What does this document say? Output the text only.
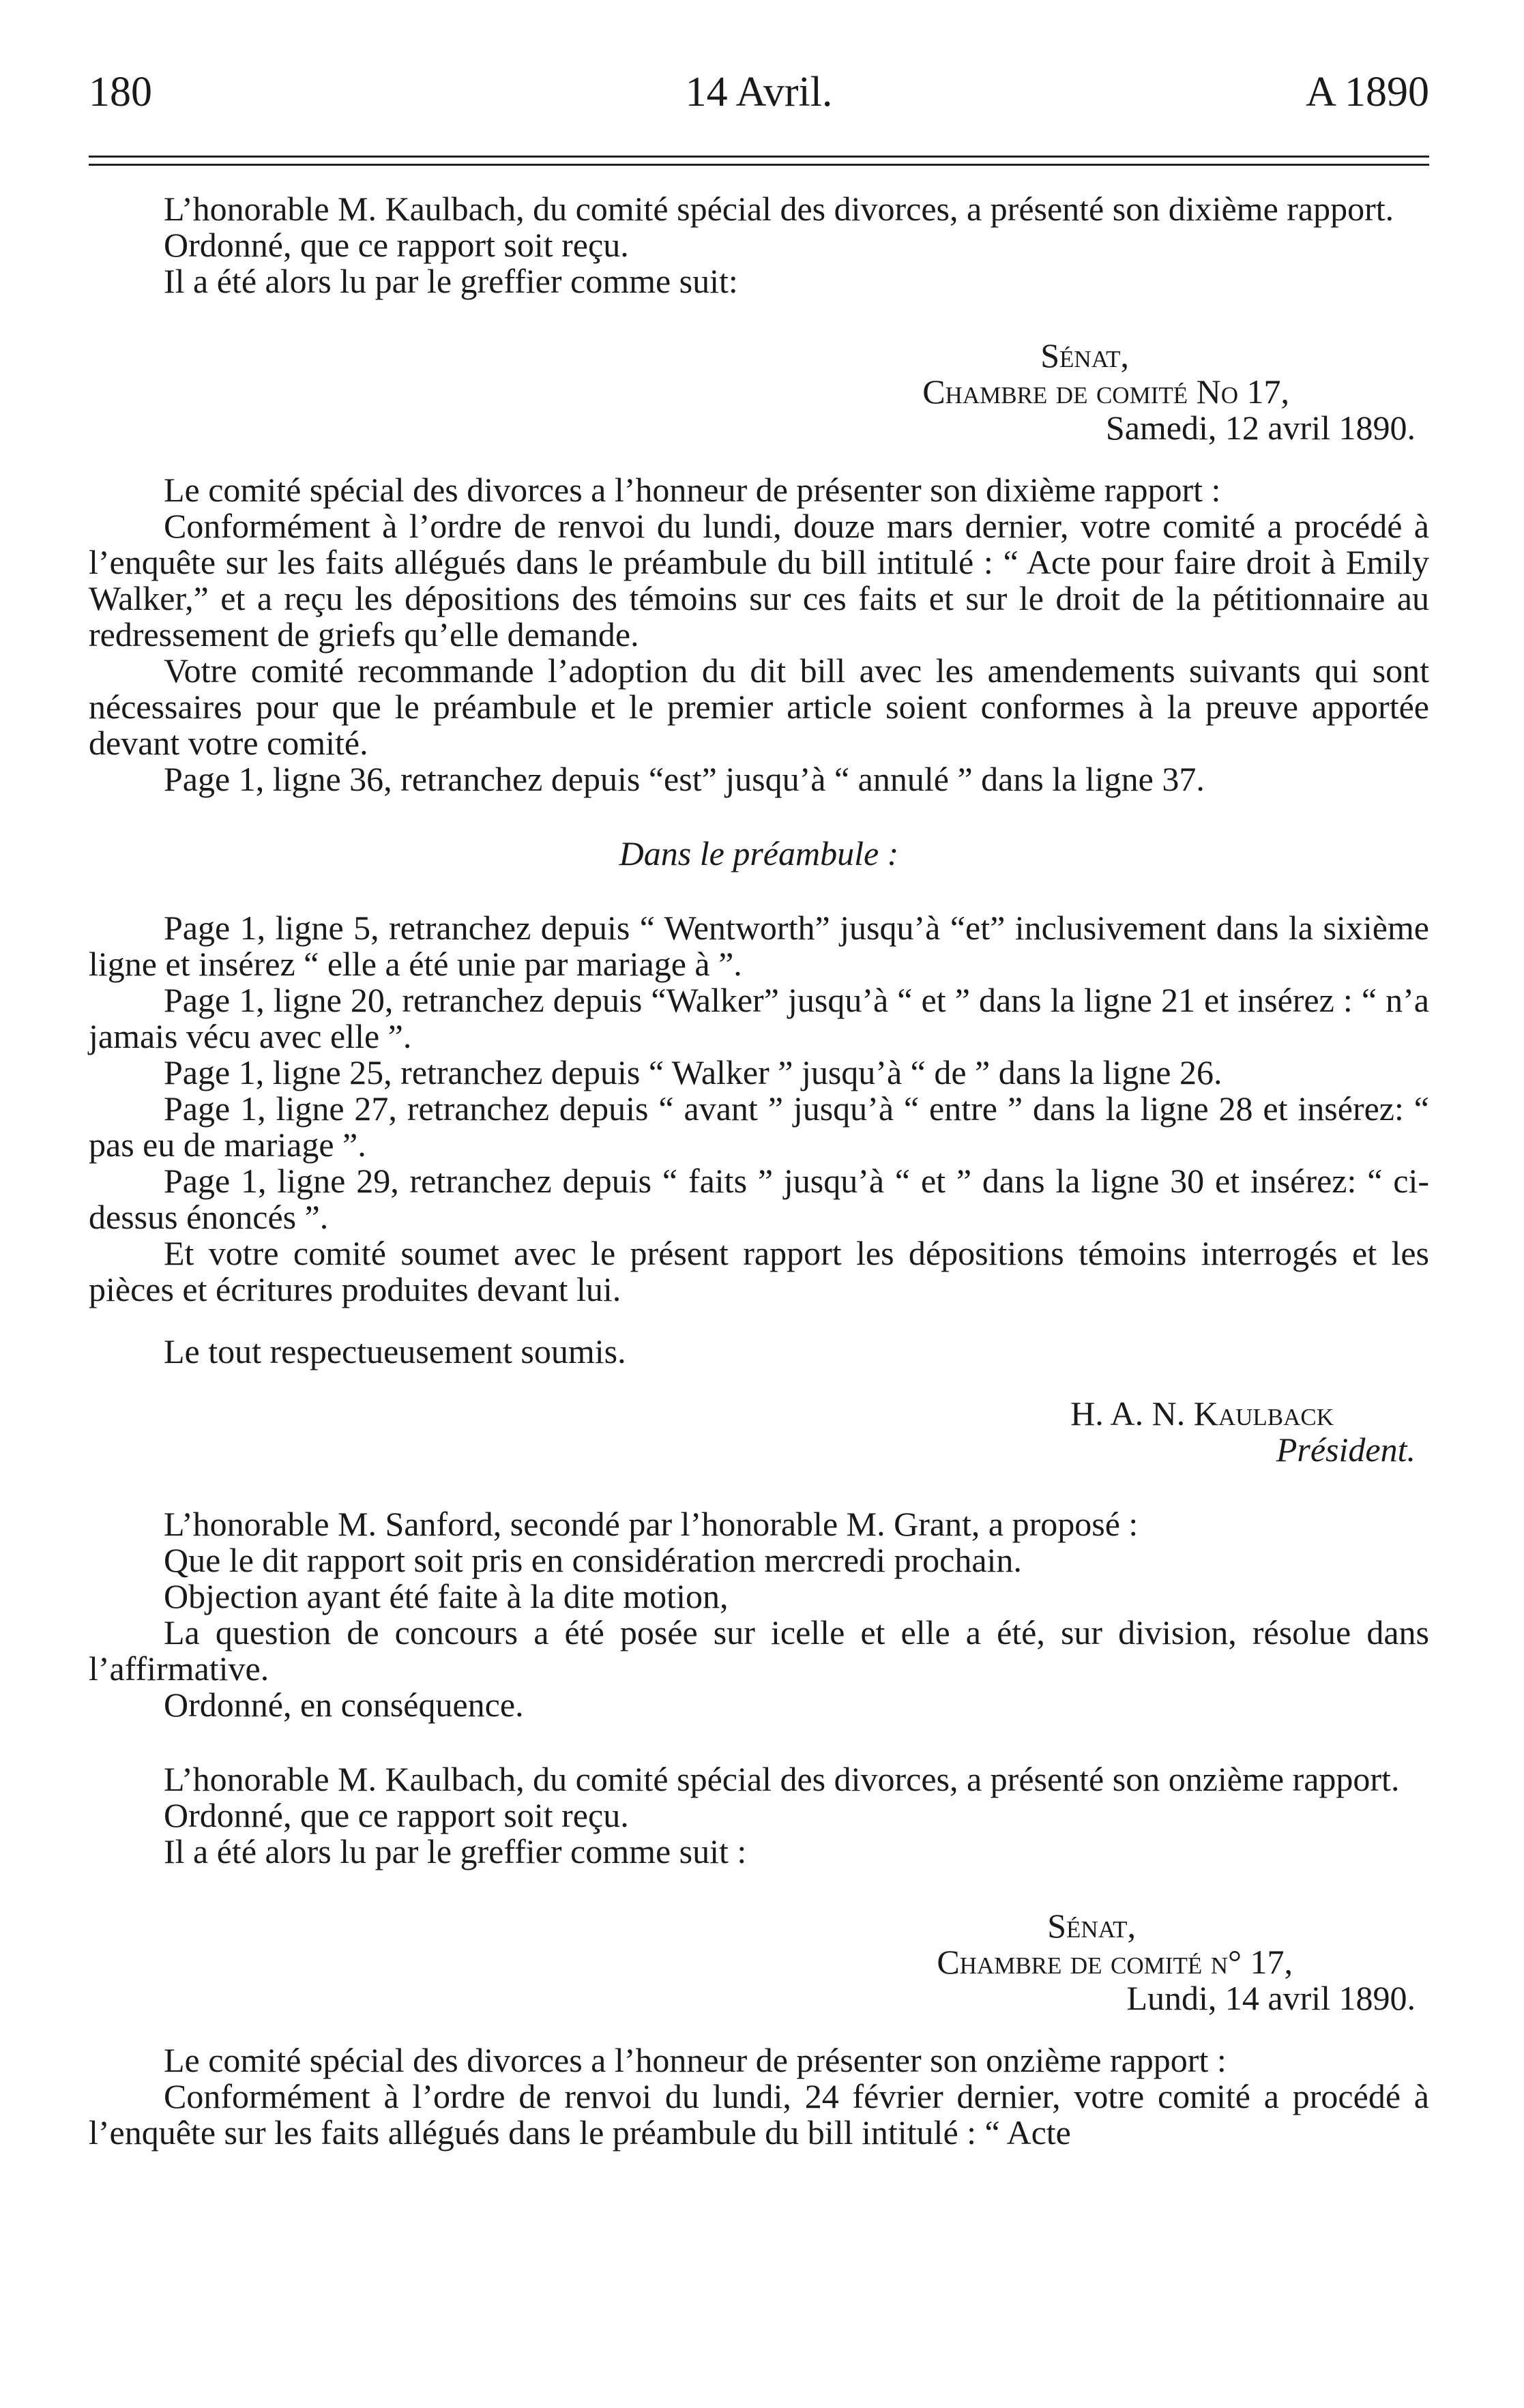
180	14 Avril.	A 1890

L’honorable M. Kaulbach, du comité spécial des divorces, a présenté son dixième rapport.

Ordonné, que ce rapport soit reçu.

Il a été alors lu par le greffier comme suit:

Sénat,

Chambre de comité No 17,

Samedi, 12 avril 1890.

Le comité spécial des divorces a l’honneur de présenter son dixième rapport :

Conformément à l’ordre de renvoi du lundi, douze mars dernier, votre comité a procédé à l’enquête sur les faits allégués dans le préambule du bill intitulé : “ Acte pour faire droit à Emily Walker,” et a reçu les dépositions des témoins sur ces faits et sur le droit de la pétitionnaire au redressement de griefs qu’elle demande.

Votre comité recommande l’adoption du dit bill avec les amendements suivants qui sont nécessaires pour que le préambule et le premier article soient conformes à la preuve apportée devant votre comité.

Page 1, ligne 36, retranchez depuis “est” jusqu’à “ annulé ” dans la ligne 37.

Dans le préambule :

Page 1, ligne 5, retranchez depuis “ Wentworth” jusqu’à “et” inclusivement dans la sixième ligne et insérez “ elle a été unie par mariage à ”.

Page 1, ligne 20, retranchez depuis “Walker” jusqu’à “ et ” dans la ligne 21 et insérez : “ n’a jamais vécu avec elle ”.

Page 1, ligne 25, retranchez depuis “ Walker ” jusqu’à “ de ” dans la ligne 26.

Page 1, ligne 27, retranchez depuis “ avant ” jusqu’à “ entre ” dans la ligne 28 et insérez: “ pas eu de mariage ”.

Page 1, ligne 29, retranchez depuis “ faits ” jusqu’à “ et ” dans la ligne 30 et insérez: “ ci-dessus énoncés ”.

Et votre comité soumet avec le présent rapport les dépositions témoins interrogés et les pièces et écritures produites devant lui.

Le tout respectueusement soumis.

H. A. N. Kaulback

Président.

L’honorable M. Sanford, secondé par l’honorable M. Grant, a proposé :

Que le dit rapport soit pris en considération mercredi prochain.

Objection ayant été faite à la dite motion,

La question de concours a été posée sur icelle et elle a été, sur division, résolue dans l’affirmative.

Ordonné, en conséquence.

L’honorable M. Kaulbach, du comité spécial des divorces, a présenté son onzième rapport.

Ordonné, que ce rapport soit reçu.

Il a été alors lu par le greffier comme suit :

Sénat,

Chambre de comité n° 17,

Lundi, 14 avril 1890.

Le comité spécial des divorces a l’honneur de présenter son onzième rapport :

Conformément à l’ordre de renvoi du lundi, 24 février dernier, votre comité a procédé à l’enquête sur les faits allégués dans le préambule du bill intitulé : “ Acte
